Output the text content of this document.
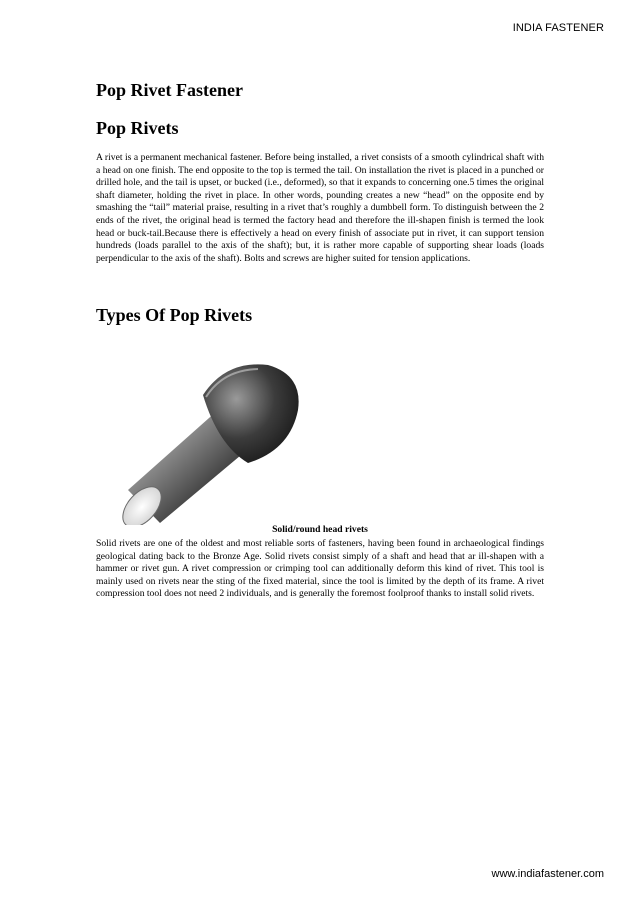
INDIA FASTENER
Pop Rivet Fastener
Pop Rivets

A rivet is a permanent mechanical fastener. Before being installed, a rivet consists of a smooth cylindrical shaft with a head on one finish. The end opposite to the top is termed the tail. On installation the rivet is placed in a punched or drilled hole, and the tail is upset, or bucked (i.e., deformed), so that it expands to concerning one.5 times the original shaft diameter, holding the rivet in place. In other words, pounding creates a new “head” on the opposite end by smashing the “tail” material praise, resulting in a rivet that’s roughly a dumbbell form. To distinguish between the 2 ends of the rivet, the original head is termed the factory head and therefore the ill-shapen finish is termed the look head or buck-tail.Because there is effectively a head on every finish of associate put in rivet, it can support tension hundreds (loads parallel to the axis of the shaft); but, it is rather more capable of supporting shear loads (loads perpendicular to the axis of the shaft). Bolts and screws are higher suited for tension applications.

Types Of Pop Rivets
Solid/round head rivets

Solid rivets are one of the oldest and most reliable sorts of fasteners, having been found in archaeological findings geological dating back to the Bronze Age. Solid rivets consist simply of a shaft and head that ar ill-shapen with a hammer or rivet gun. A rivet compression or crimping tool can additionally deform this kind of rivet. This tool is mainly used on rivets near the sting of the fixed material, since the tool is limited by the depth of its frame. A rivet compression tool does not need 2 individuals, and is generally the foremost foolproof thanks to install solid rivets.

www.indiafastener.com
